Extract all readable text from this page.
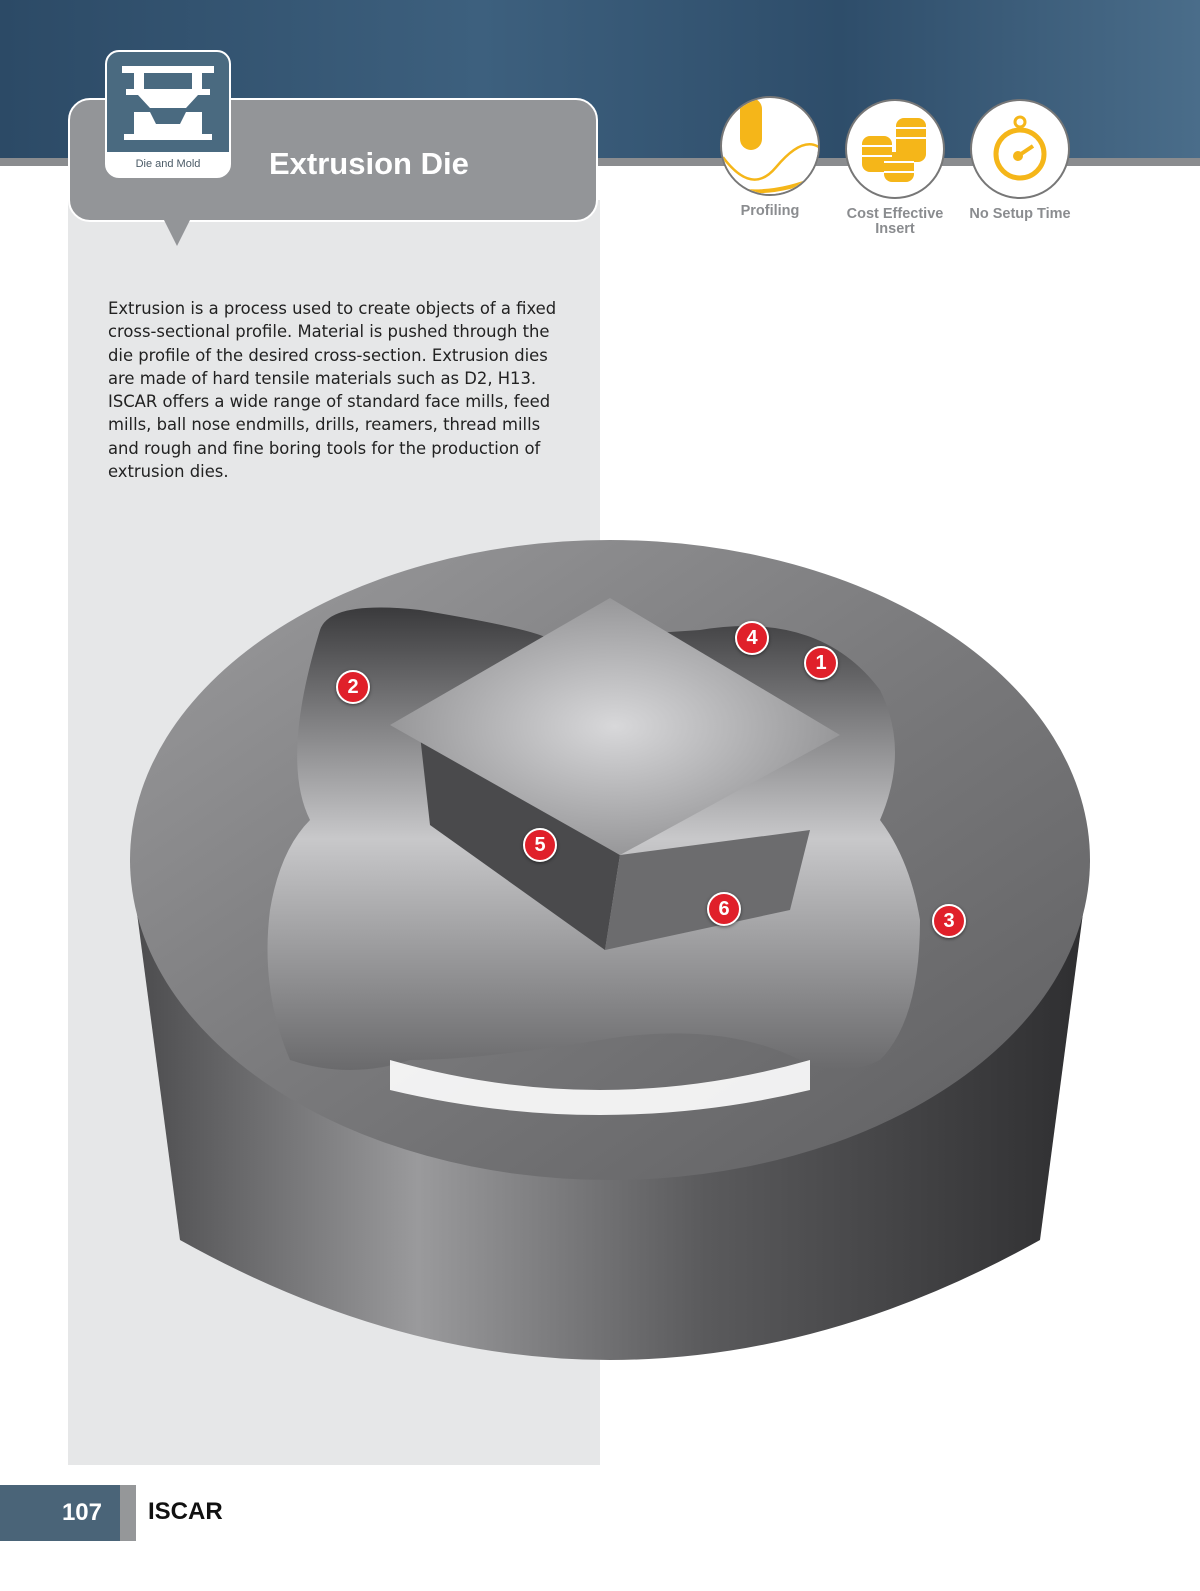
Die and Mold	Extrusion Die
Profiling	Cost Effective Insert
No Setup Time

Extrusion is a process used to create objects of a fixed cross-sectional profile. Material is pushed through the die profile of the desired cross-section. Extrusion dies are made of hard tensile materials such as D2, H13.

ISCAR offers a wide range of standard face mills, feed mills, ball nose endmills, drills, reamers, thread mills and rough and fine boring tools for the production of extrusion dies.

1
2
3
4
5
6
107	ISCAR
